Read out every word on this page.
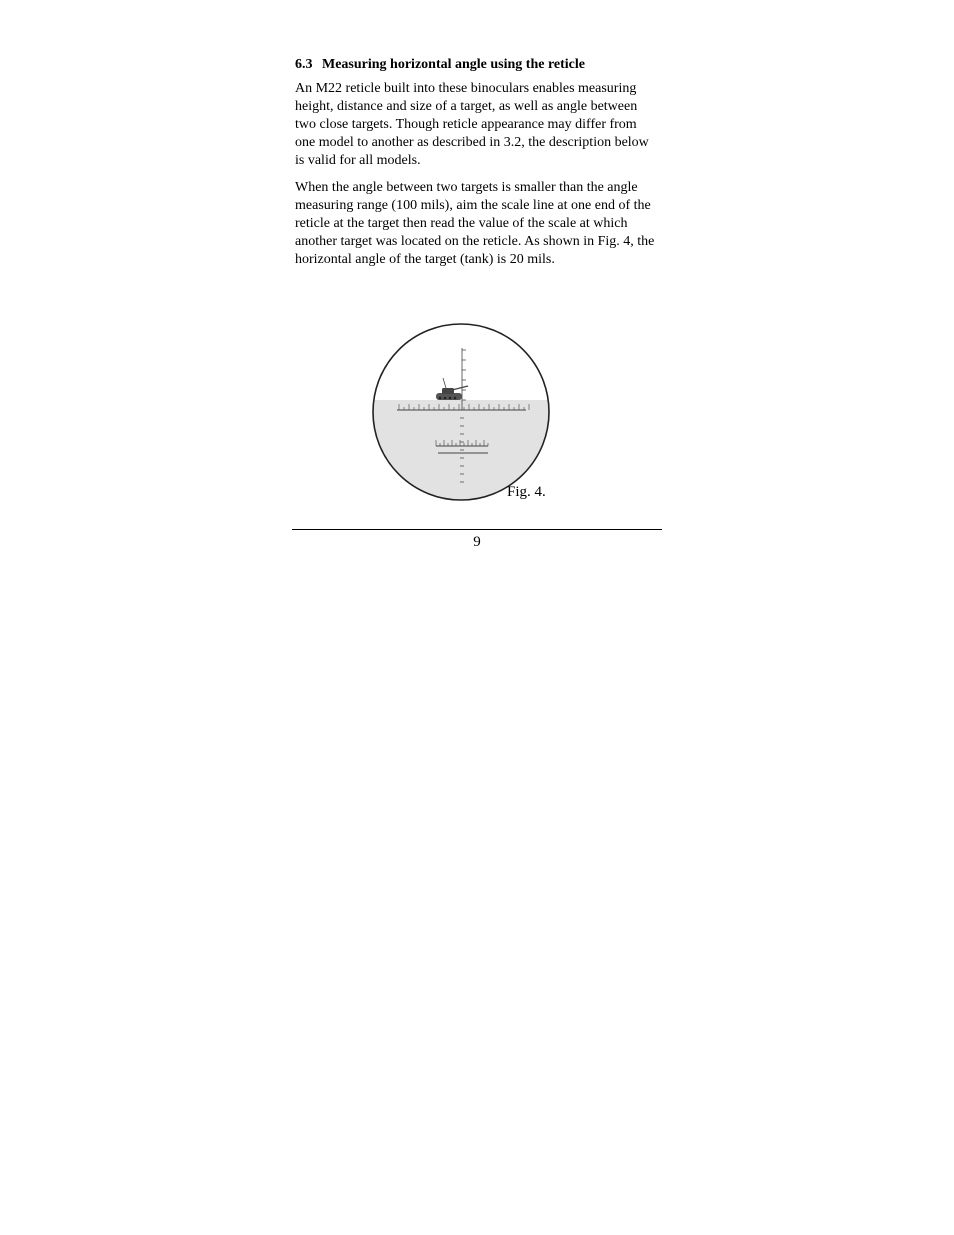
6.3 Measuring horizontal angle using the reticle

An M22 reticle built into these binoculars enables measuring height, distance and size of a target, as well as angle between two close targets. Though reticle appearance may differ from one model to another as described in 3.2, the description below is valid for all models.

When the angle between two targets is smaller than the angle measuring range (100 mils), aim the scale line at one end of the reticle at the target then read the value of the scale at which another target was located on the reticle. As shown in Fig. 4, the horizontal angle of the target (tank) is 20 mils.

Fig. 4.
9
